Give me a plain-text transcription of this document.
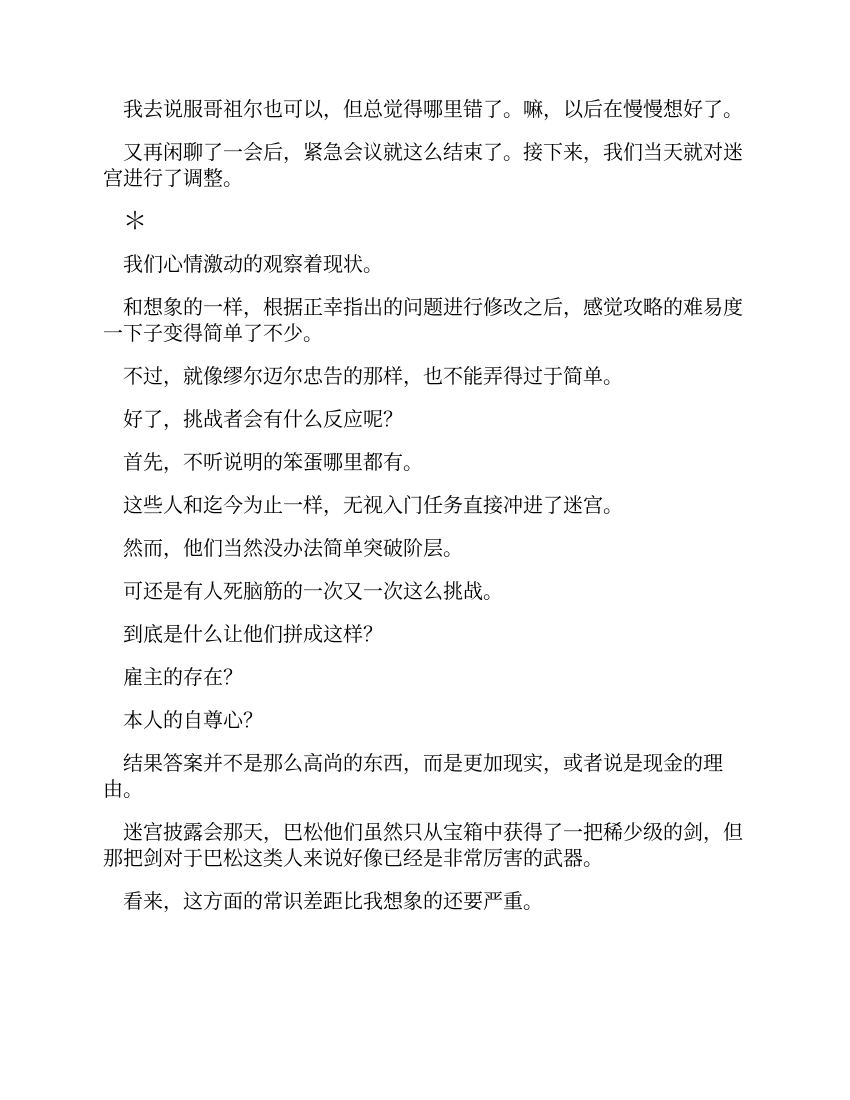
我去说服哥祖尔也可以，但总觉得哪里错了。嘛，以后在慢慢想好了。

又再闲聊了一会后，紧急会议就这么结束了。接下来，我们当天就对迷宫进行了调整。

＊

我们心情激动的观察着现状。

和想象的一样，根据正幸指出的问题进行修改之后，感觉攻略的难易度一下子变得简单了不少。

不过，就像缪尔迈尔忠告的那样，也不能弄得过于简单。

好了，挑战者会有什么反应呢？

首先，不听说明的笨蛋哪里都有。

这些人和迄今为止一样，无视入门任务直接冲进了迷宫。

然而，他们当然没办法简单突破阶层。

可还是有人死脑筋的一次又一次这么挑战。

到底是什么让他们拼成这样？

雇主的存在？

本人的自尊心？

结果答案并不是那么高尚的东西，而是更加现实，或者说是现金的理由。

迷宫披露会那天，巴松他们虽然只从宝箱中获得了一把稀少级的剑，但那把剑对于巴松这类人来说好像已经是非常厉害的武器。

看来，这方面的常识差距比我想象的还要严重。
